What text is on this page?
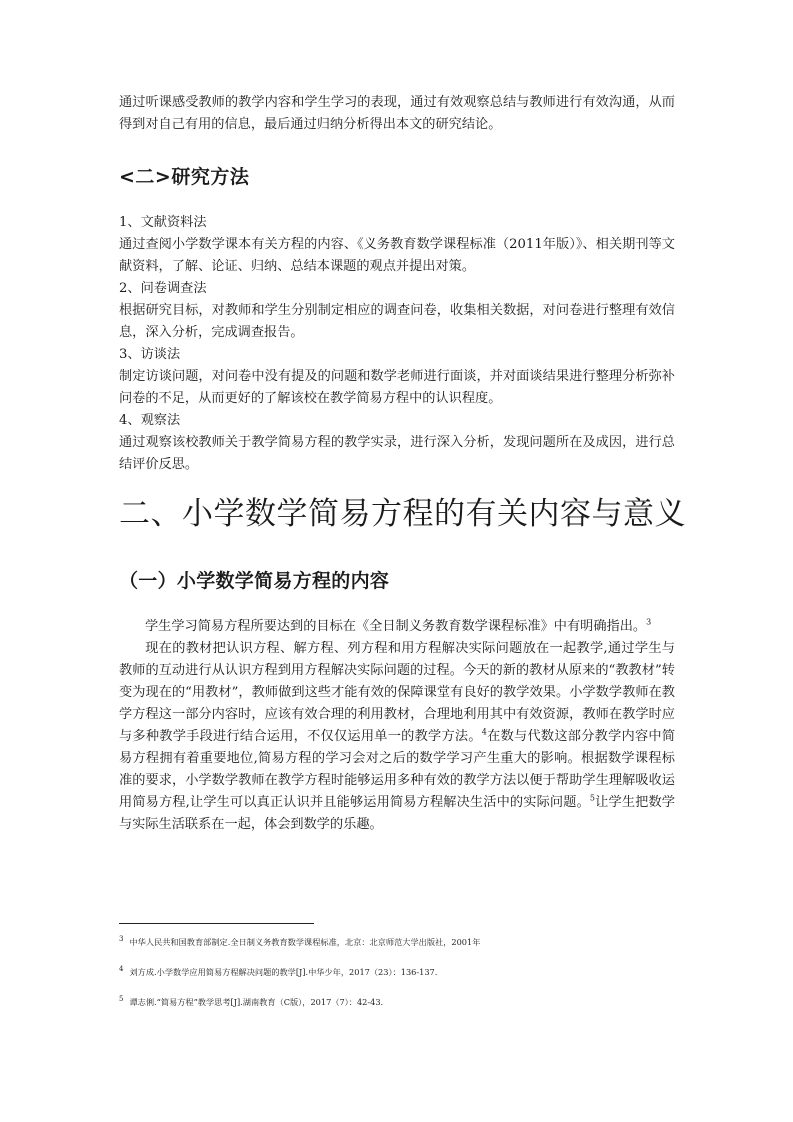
通过听课感受教师的教学内容和学生学习的表现，通过有效观察总结与教师进行有效沟通，从而得到对自己有用的信息，最后通过归纳分析得出本文的研究结论。
<二>研究方法
1、文献资料法
通过查阅小学数学课本有关方程的内容、《义务教育数学课程标准（2011年版）》、相关期刊等文献资料，了解、论证、归纳、总结本课题的观点并提出对策。
2、问卷调查法
根据研究目标，对教师和学生分别制定相应的调查问卷，收集相关数据，对问卷进行整理有效信息，深入分析，完成调查报告。
3、访谈法
制定访谈问题，对问卷中没有提及的问题和数学老师进行面谈，并对面谈结果进行整理分析弥补问卷的不足，从而更好的了解该校在教学简易方程中的认识程度。
4、观察法
通过观察该校教师关于教学简易方程的教学实录，进行深入分析，发现问题所在及成因，进行总结评价反思。
二、小学数学简易方程的有关内容与意义
（一）小学数学简易方程的内容
学生学习简易方程所要达到的目标在《全日制义务教育数学课程标准》中有明确指出。$^3$
现在的教材把认识方程、解方程、列方程和用方程解决实际问题放在一起教学,通过学生与教师的互动进行从认识方程到用方程解决实际问题的过程。今天的新的教材从原来的“教教材”转变为现在的“用教材”，教师做到这些才能有效的保障课堂有良好的教学效果。小学数学教师在教学方程这一部分内容时，应该有效合理的利用教材，合理地利用其中有效资源，教师在教学时应与多种教学手段进行结合运用，不仅仅运用单一的教学方法。$^4$在数与代数这部分教学内容中简易方程拥有着重要地位,简易方程的学习会对之后的数学学习产生重大的影响。根据数学课程标准的要求，小学数学教师在教学方程时能够运用多种有效的教学方法以便于帮助学生理解吸收运用简易方程,让学生可以真正认识并且能够运用简易方程解决生活中的实际问题。$^5$让学生把数学与实际生活联系在一起，体会到数学的乐趣。
$^3$ 中华人民共和国教育部制定.全日制义务教育数学课程标准，北京：北京师范大学出版社，2001年
$^4$ 刘方成.小学数学应用简易方程解决问题的教学[J].中华少年，2017（23）：136-137.
$^5$ 谭志俐.“简易方程”教学思考[J].湖南教育（C版），2017（7）：42-43.
